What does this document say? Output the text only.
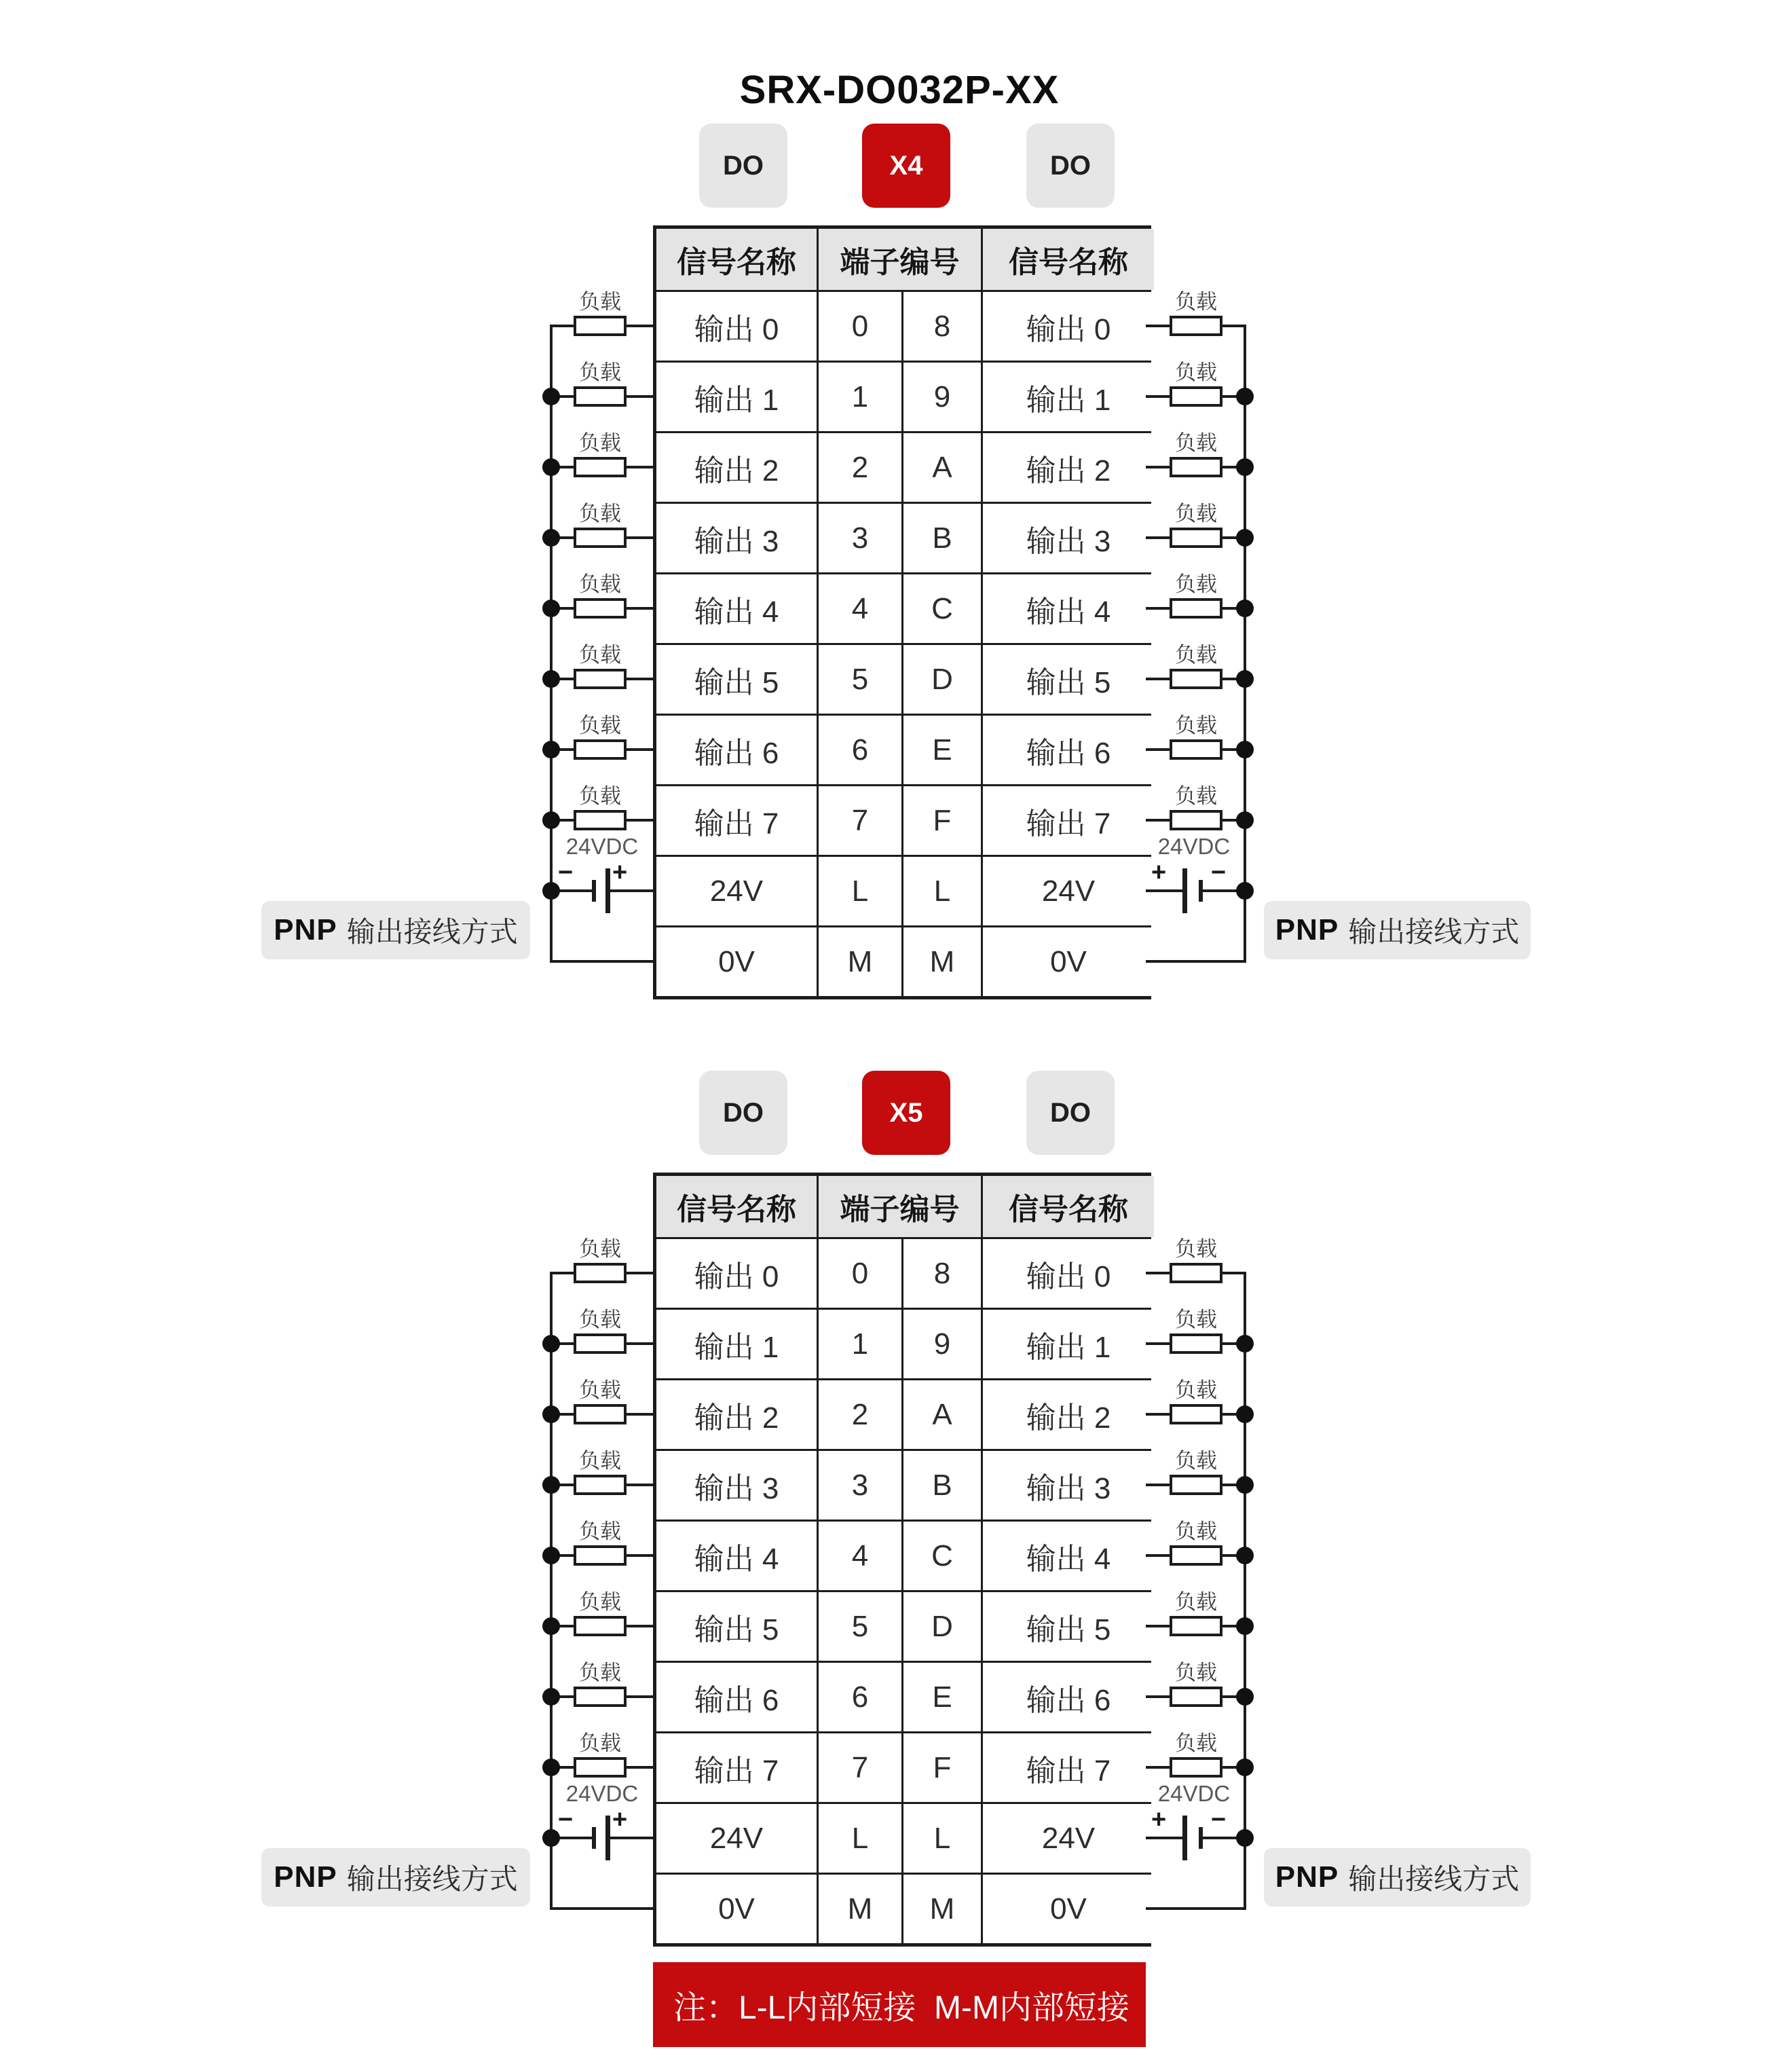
SRX-DO032P-XX
注：L-L内部短接  M-M内部短接
DO	X4	DO
信号名称	端子编号	信号名称
输出 0	0	8	输出 0
输出 1	1	9	输出 1
输出 2	2	A	输出 2
输出 3	3	B	输出 3
输出 4	4	C	输出 4
输出 5	5	D	输出 5
输出 6	6	E	输出 6
输出 7	7	F	输出 7
24V	L	L	24V
0V	M	M	0V
负载
负载
负载
负载
负载
负载
负载
负载
− +
24VDC
负载
负载
负载
负载
负载
负载
负载
负载
−
+
24VDC
PNP 输出接线方式	PNP 输出接线方式
DO	X5	DO
信号名称	端子编号	信号名称
输出 0	0	8	输出 0
输出 1	1	9	输出 1
输出 2	2	A	输出 2
输出 3	3	B	输出 3
输出 4	4	C	输出 4
输出 5	5	D	输出 5
输出 6	6	E	输出 6
输出 7	7	F	输出 7
24V	L	L	24V
0V	M	M	0V
负载
负载
负载
负载
负载
负载
负载
负载
− +
24VDC
负载
负载
负载
负载
负载
负载
负载
负载
−
+
24VDC
PNP 输出接线方式	PNP 输出接线方式
